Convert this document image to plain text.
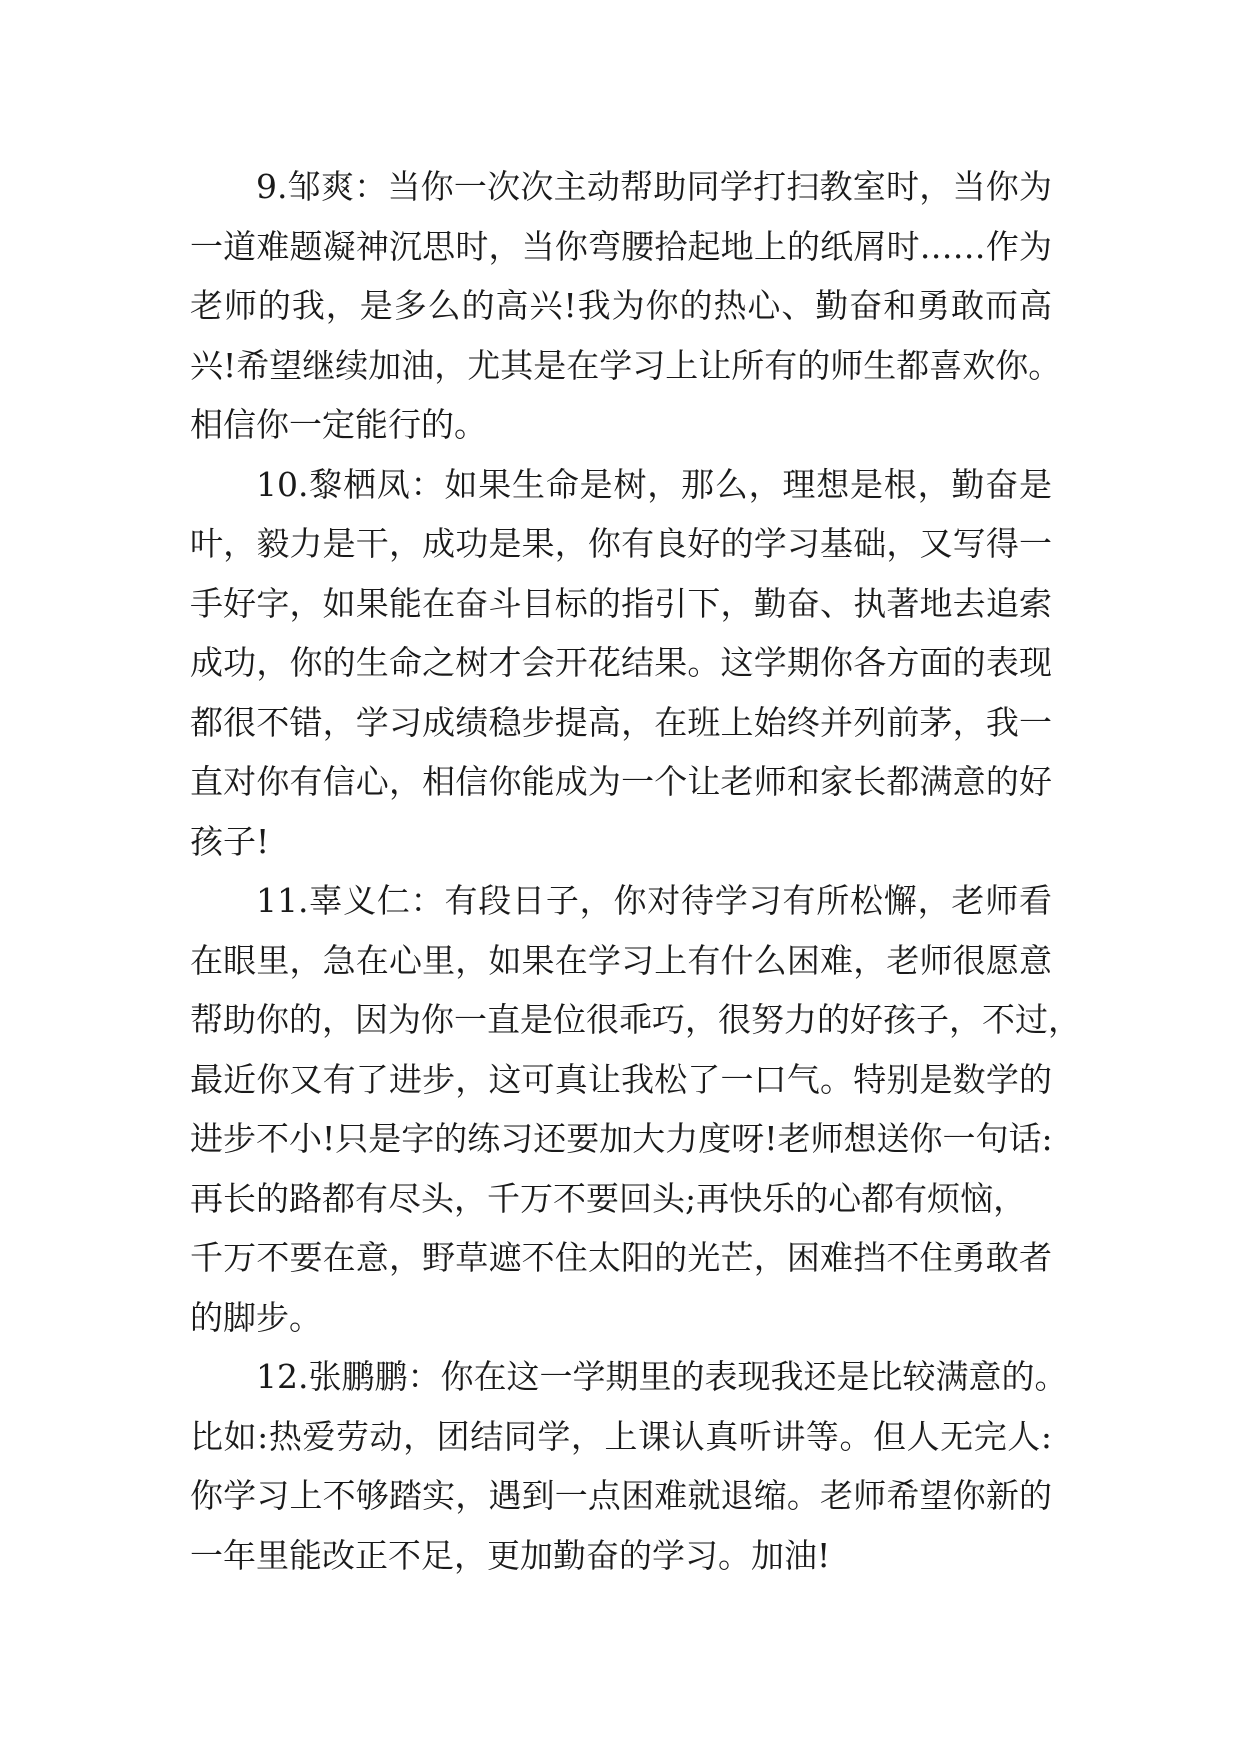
9.邹爽：当你一次次主动帮助同学打扫教室时，当你为
一道难题凝神沉思时，当你弯腰拾起地上的纸屑时……作为
老师的我，是多么的高兴!我为你的热心、勤奋和勇敢而高
兴!希望继续加油，尤其是在学习上让所有的师生都喜欢你。
相信你一定能行的。
10.黎栖凤：如果生命是树，那么，理想是根，勤奋是
叶，毅力是干，成功是果，你有良好的学习基础，又写得一
手好字，如果能在奋斗目标的指引下，勤奋、执著地去追索
成功，你的生命之树才会开花结果。这学期你各方面的表现
都很不错，学习成绩稳步提高，在班上始终并列前茅，我一
直对你有信心，相信你能成为一个让老师和家长都满意的好
孩子!
11.辜义仁：有段日子，你对待学习有所松懈，老师看
在眼里，急在心里，如果在学习上有什么困难，老师很愿意
帮助你的，因为你一直是位很乖巧，很努力的好孩子，不过，
最近你又有了进步，这可真让我松了一口气。特别是数学的
进步不小!只是字的练习还要加大力度呀!老师想送你一句话:
再长的路都有尽头，千万不要回头;再快乐的心都有烦恼，
千万不要在意，野草遮不住太阳的光芒，困难挡不住勇敢者
的脚步。
12.张鹏鹏：你在这一学期里的表现我还是比较满意的。
比如:热爱劳动，团结同学，上课认真听讲等。但人无完人:
你学习上不够踏实，遇到一点困难就退缩。老师希望你新的
一年里能改正不足，更加勤奋的学习。加油!
